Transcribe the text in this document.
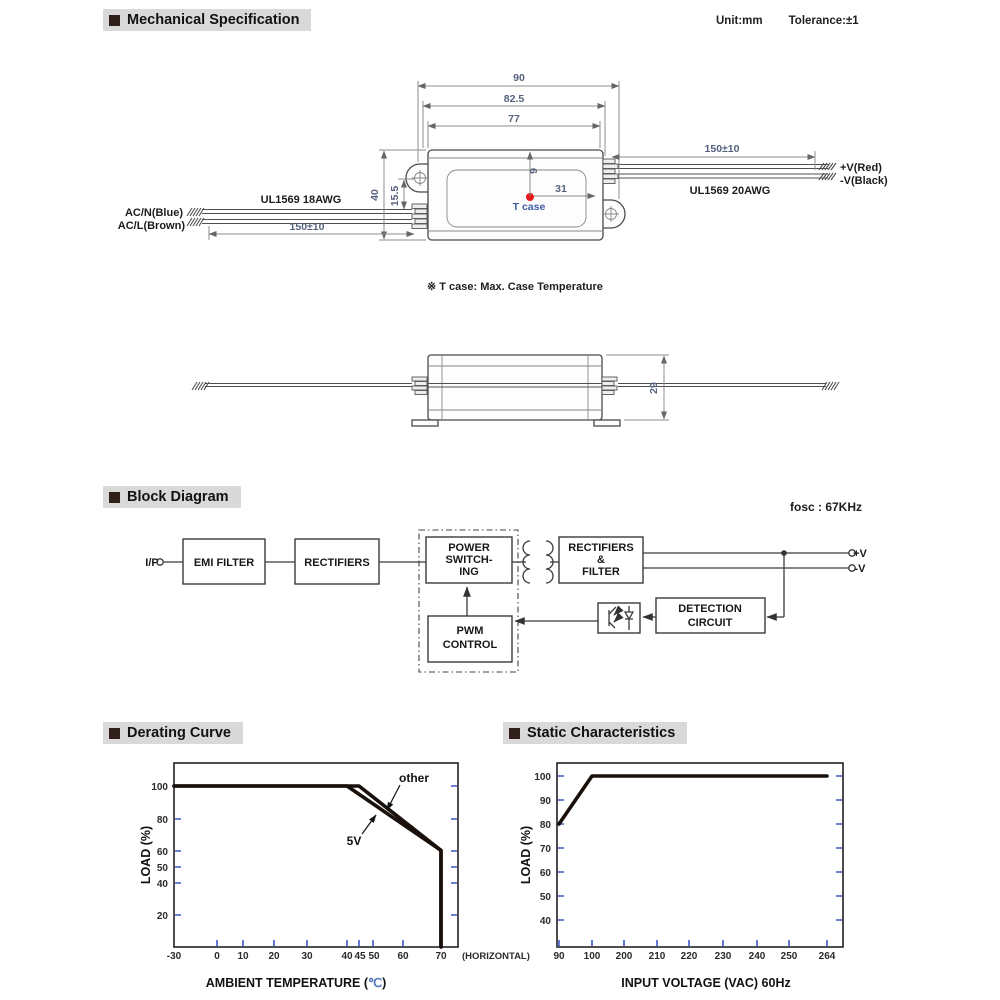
Mechanical Specification	Unit:mm Tolerance:±1
90
82.5
77
40 15.5
9
31
T case
150±10
150±10
UL1569 18AWG
AC/N(Blue)
AC/L(Brown)
+V(Red)
-V(Black)
UL1569 20AWG
※ T case: Max. Case Temperature
29
Block Diagram
fosc : 67KHz
I/P	EMI FILTER	RECTIFIERS
POWER
SWITCH-
ING
PWM
CONTROL
RECTIFIERS
&
FILTER
+V
-V
DETECTION
CIRCUIT
Derating Curve	Static Characteristics
100
80
60
50
40
20
-30	0 10 20 30	40 45 50 60	70 (HORIZONTAL)
other
5V
LOAD (%)
AMBIENT TEMPERATURE (℃)
100
90
80
70
60
50
40
90 100 200 210 220 230 240 250 264
LOAD (%)
INPUT VOLTAGE (VAC) 60Hz
